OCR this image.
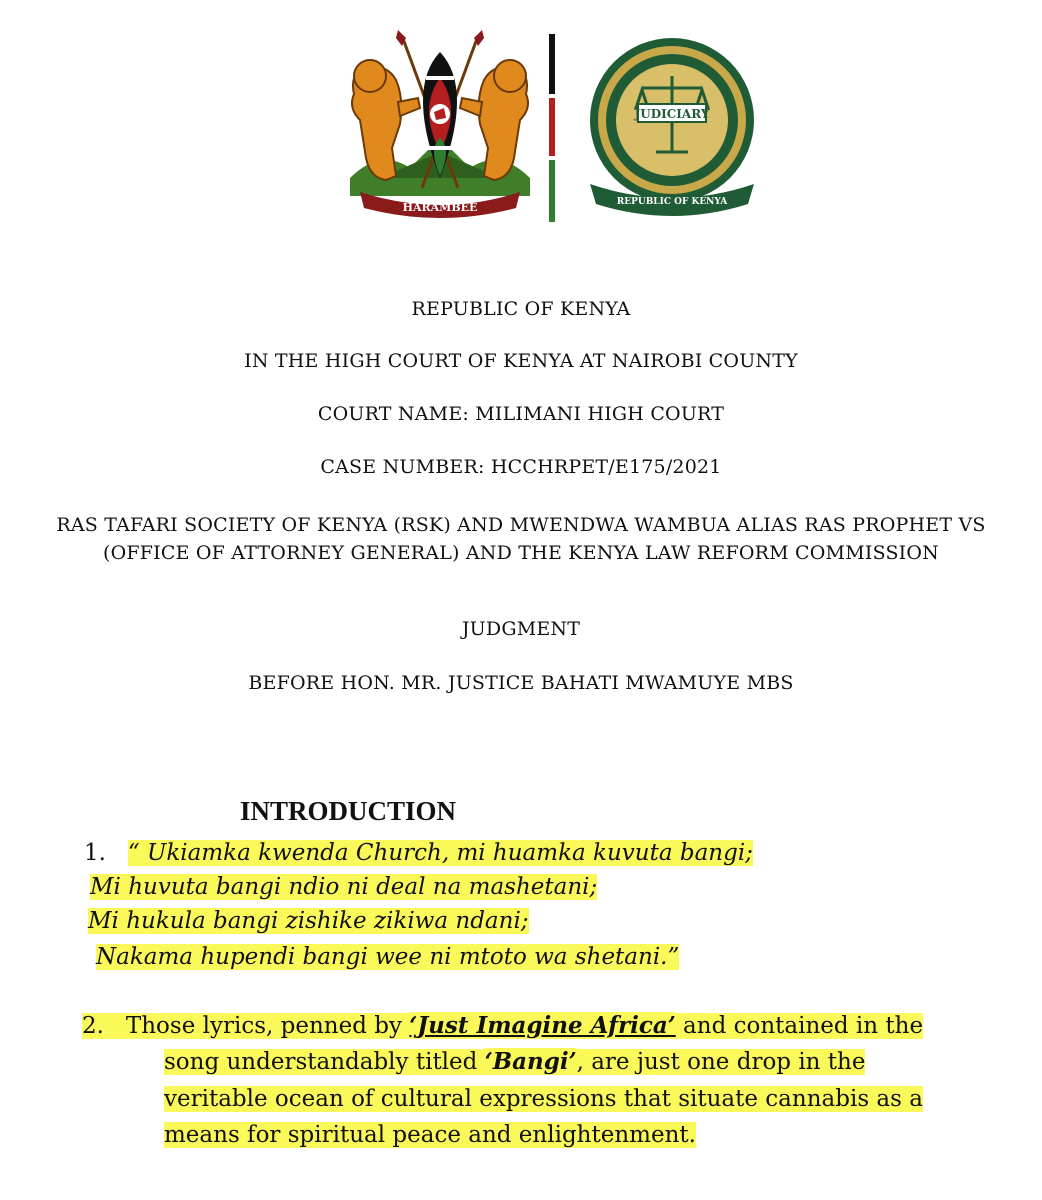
HARAMBEE
JUDICIARY
REPUBLIC OF KENYA
REPUBLIC OF KENYA
IN THE HIGH COURT OF KENYA AT NAIROBI COUNTY
COURT NAME: MILIMANI HIGH COURT
CASE NUMBER: HCCHRPET/E175/2021
RAS TAFARI SOCIETY OF KENYA (RSK) AND MWENDWA WAMBUA ALIAS RAS PROPHET VS
(OFFICE OF ATTORNEY GENERAL) AND THE KENYA LAW REFORM COMMISSION
JUDGMENT
BEFORE HON. MR. JUSTICE BAHATI MWAMUYE MBS
INTRODUCTION
1. “ Ukiamka kwenda Church, mi huamka kuvuta bangi;
Mi huvuta bangi ndio ni deal na mashetani;
Mi hukula bangi zishike zikiwa ndani;
Nakama hupendi bangi wee ni mtoto wa shetani.”
2. Those lyrics, penned by ‘Just Imagine Africa’ and contained in the
song understandably titled ‘Bangi’, are just one drop in the
veritable ocean of cultural expressions that situate cannabis as a
means for spiritual peace and enlightenment.
